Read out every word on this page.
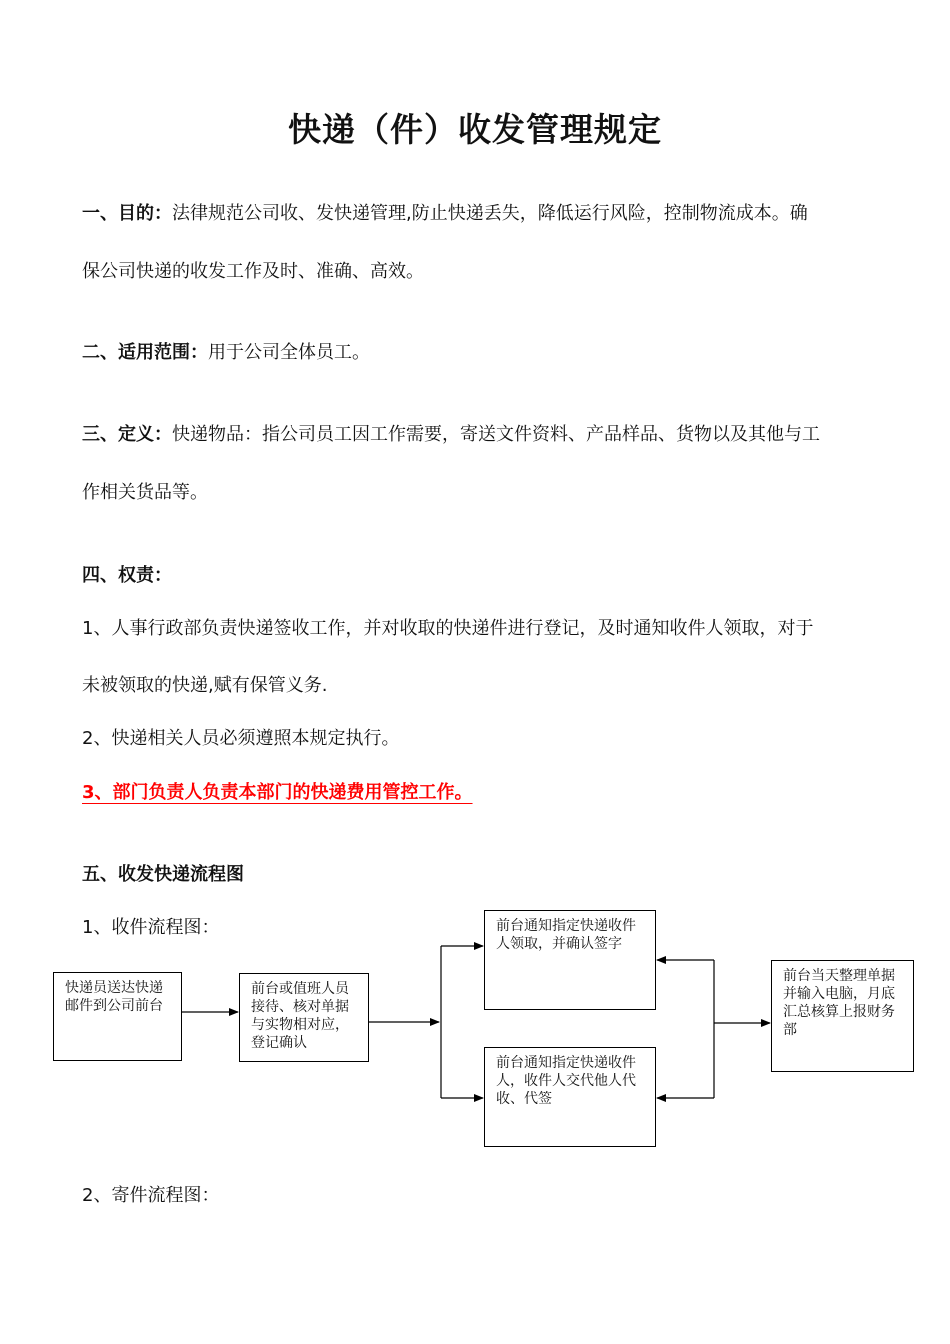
快递（件）收发管理规定
一、目的：法律规范公司收、发快递管理,防止快递丢失，降低运行风险，控制物流成本。确
保公司快递的收发工作及时、准确、高效。
二、适用范围：用于公司全体员工。
三、定义：快递物品：指公司员工因工作需要，寄送文件资料、产品样品、货物以及其他与工
作相关货品等。
四、权责：
1、人事行政部负责快递签收工作，并对收取的快递件进行登记，及时通知收件人领取，对于
未被领取的快递,赋有保管义务.
2、快递相关人员必须遵照本规定执行。
3、部门负责人负责本部门的快递费用管控工作。
五、收发快递流程图
1、收件流程图：
快递员送达快递邮件到公司前台
前台或值班人员接待、核对单据与实物相对应，登记确认
前台通知指定快递收件人领取，并确认签字
前台通知指定快递收件人，收件人交代他人代收、代签
前台当天整理单据并输入电脑，月底汇总核算上报财务部
2、寄件流程图：
